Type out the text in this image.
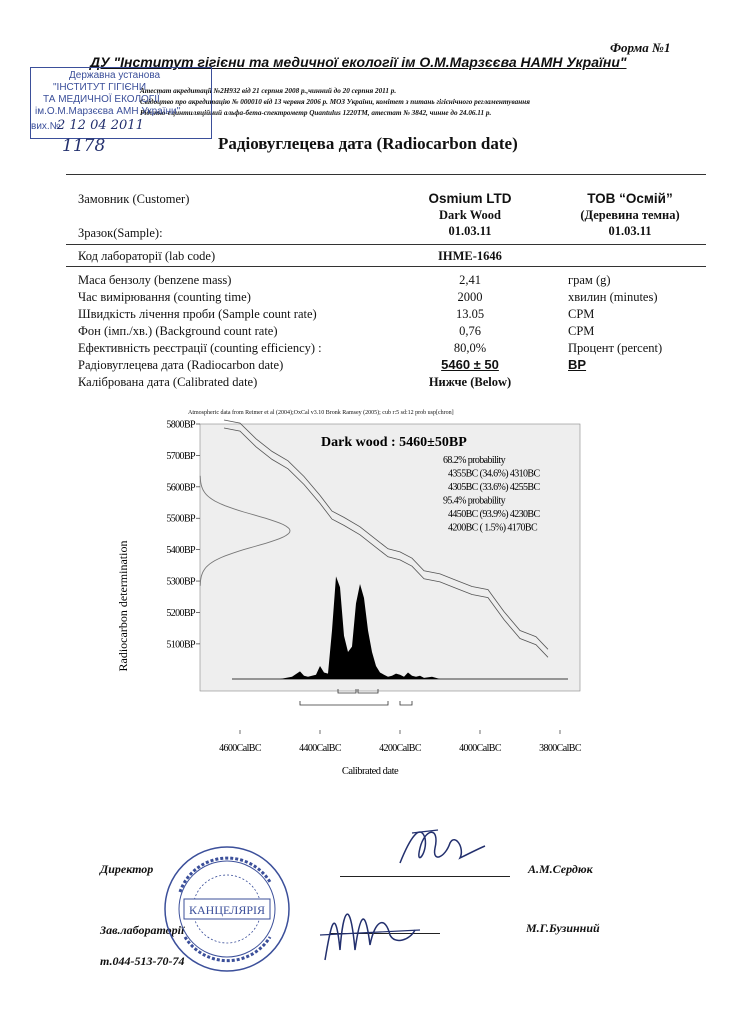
Форма №1
ДУ "Інститут гігієни та медичної екології ім О.М.Марзєєва НАМН України"
Атестат акредитації №2Н932 від 21 серпня 2008 р.,чинний до 20 серпня 2011 р.
Свідоцтво про акредитацію № 000010 від 13 червня 2006 р. МОЗ України, комітет з питань гігієнічного регламентування
Рідинно-сцинтиляційний альфа-бета-спектрометр Quantulus 1220TM, атестат № 3842, чинне до 24.06.11 р.
Державна установа
"ІНСТИТУТ ГІГІЄНИ
ТА МЕДИЧНОЇ ЕКОЛОГІЇ
ім.О.М.Марзєєва АМН України"
вих.№
2 12 04 2011
1178	Радіовуглецева дата (Radiocarbon date)
Замовник (Customer)	Osmium LTD	ТОВ “Осмій”
Dark Wood	(Деревина темна)
Зразок(Sample):	01.03.11	01.03.11
Код лабораторії (lab code)	IHME-1646
Маса бензолу (benzene mass)	2,41	грам (g)
Час вимірювання (counting time)	2000	хвилин (minutes)
Швидкість лічення проби (Sample count rate)	13.05	CPM
Фон (імп./хв.) (Background count rate)	0,76	CPM
Ефективність реєстрації (counting efficiency) :	80,0%	Процент (percent)
Радіовуглецева дата (Radiocarbon date)	5460 ± 50	BP
Калібрована дата (Calibrated date)	Нижче (Below)
Atmospheric data from Reimer et al (2004);OxCal v3.10 Bronk Ramsey (2005); cub r:5 sd:12 prob usp[chron]
5800BP
5700BP
5600BP
5500BP
5400BP
5300BP
5200BP
5100BP
4600CalBC	4400CalBC	4200CalBC	4000CalBC	3800CalBC
Dark wood : 5460±50BP
68.2% probability
4355BC (34.6%) 4310BC
4305BC (33.6%) 4255BC
95.4% probability
4450BC (93.9%) 4230BC
4200BC ( 1.5%) 4170BC
Calibrated date
Radiocarbon determination
Директор	А.М.Сердюк
Зав.лабораторії	М.Г.Бузинний
т.044-513-70-74
КАНЦЕЛЯРІЯ
